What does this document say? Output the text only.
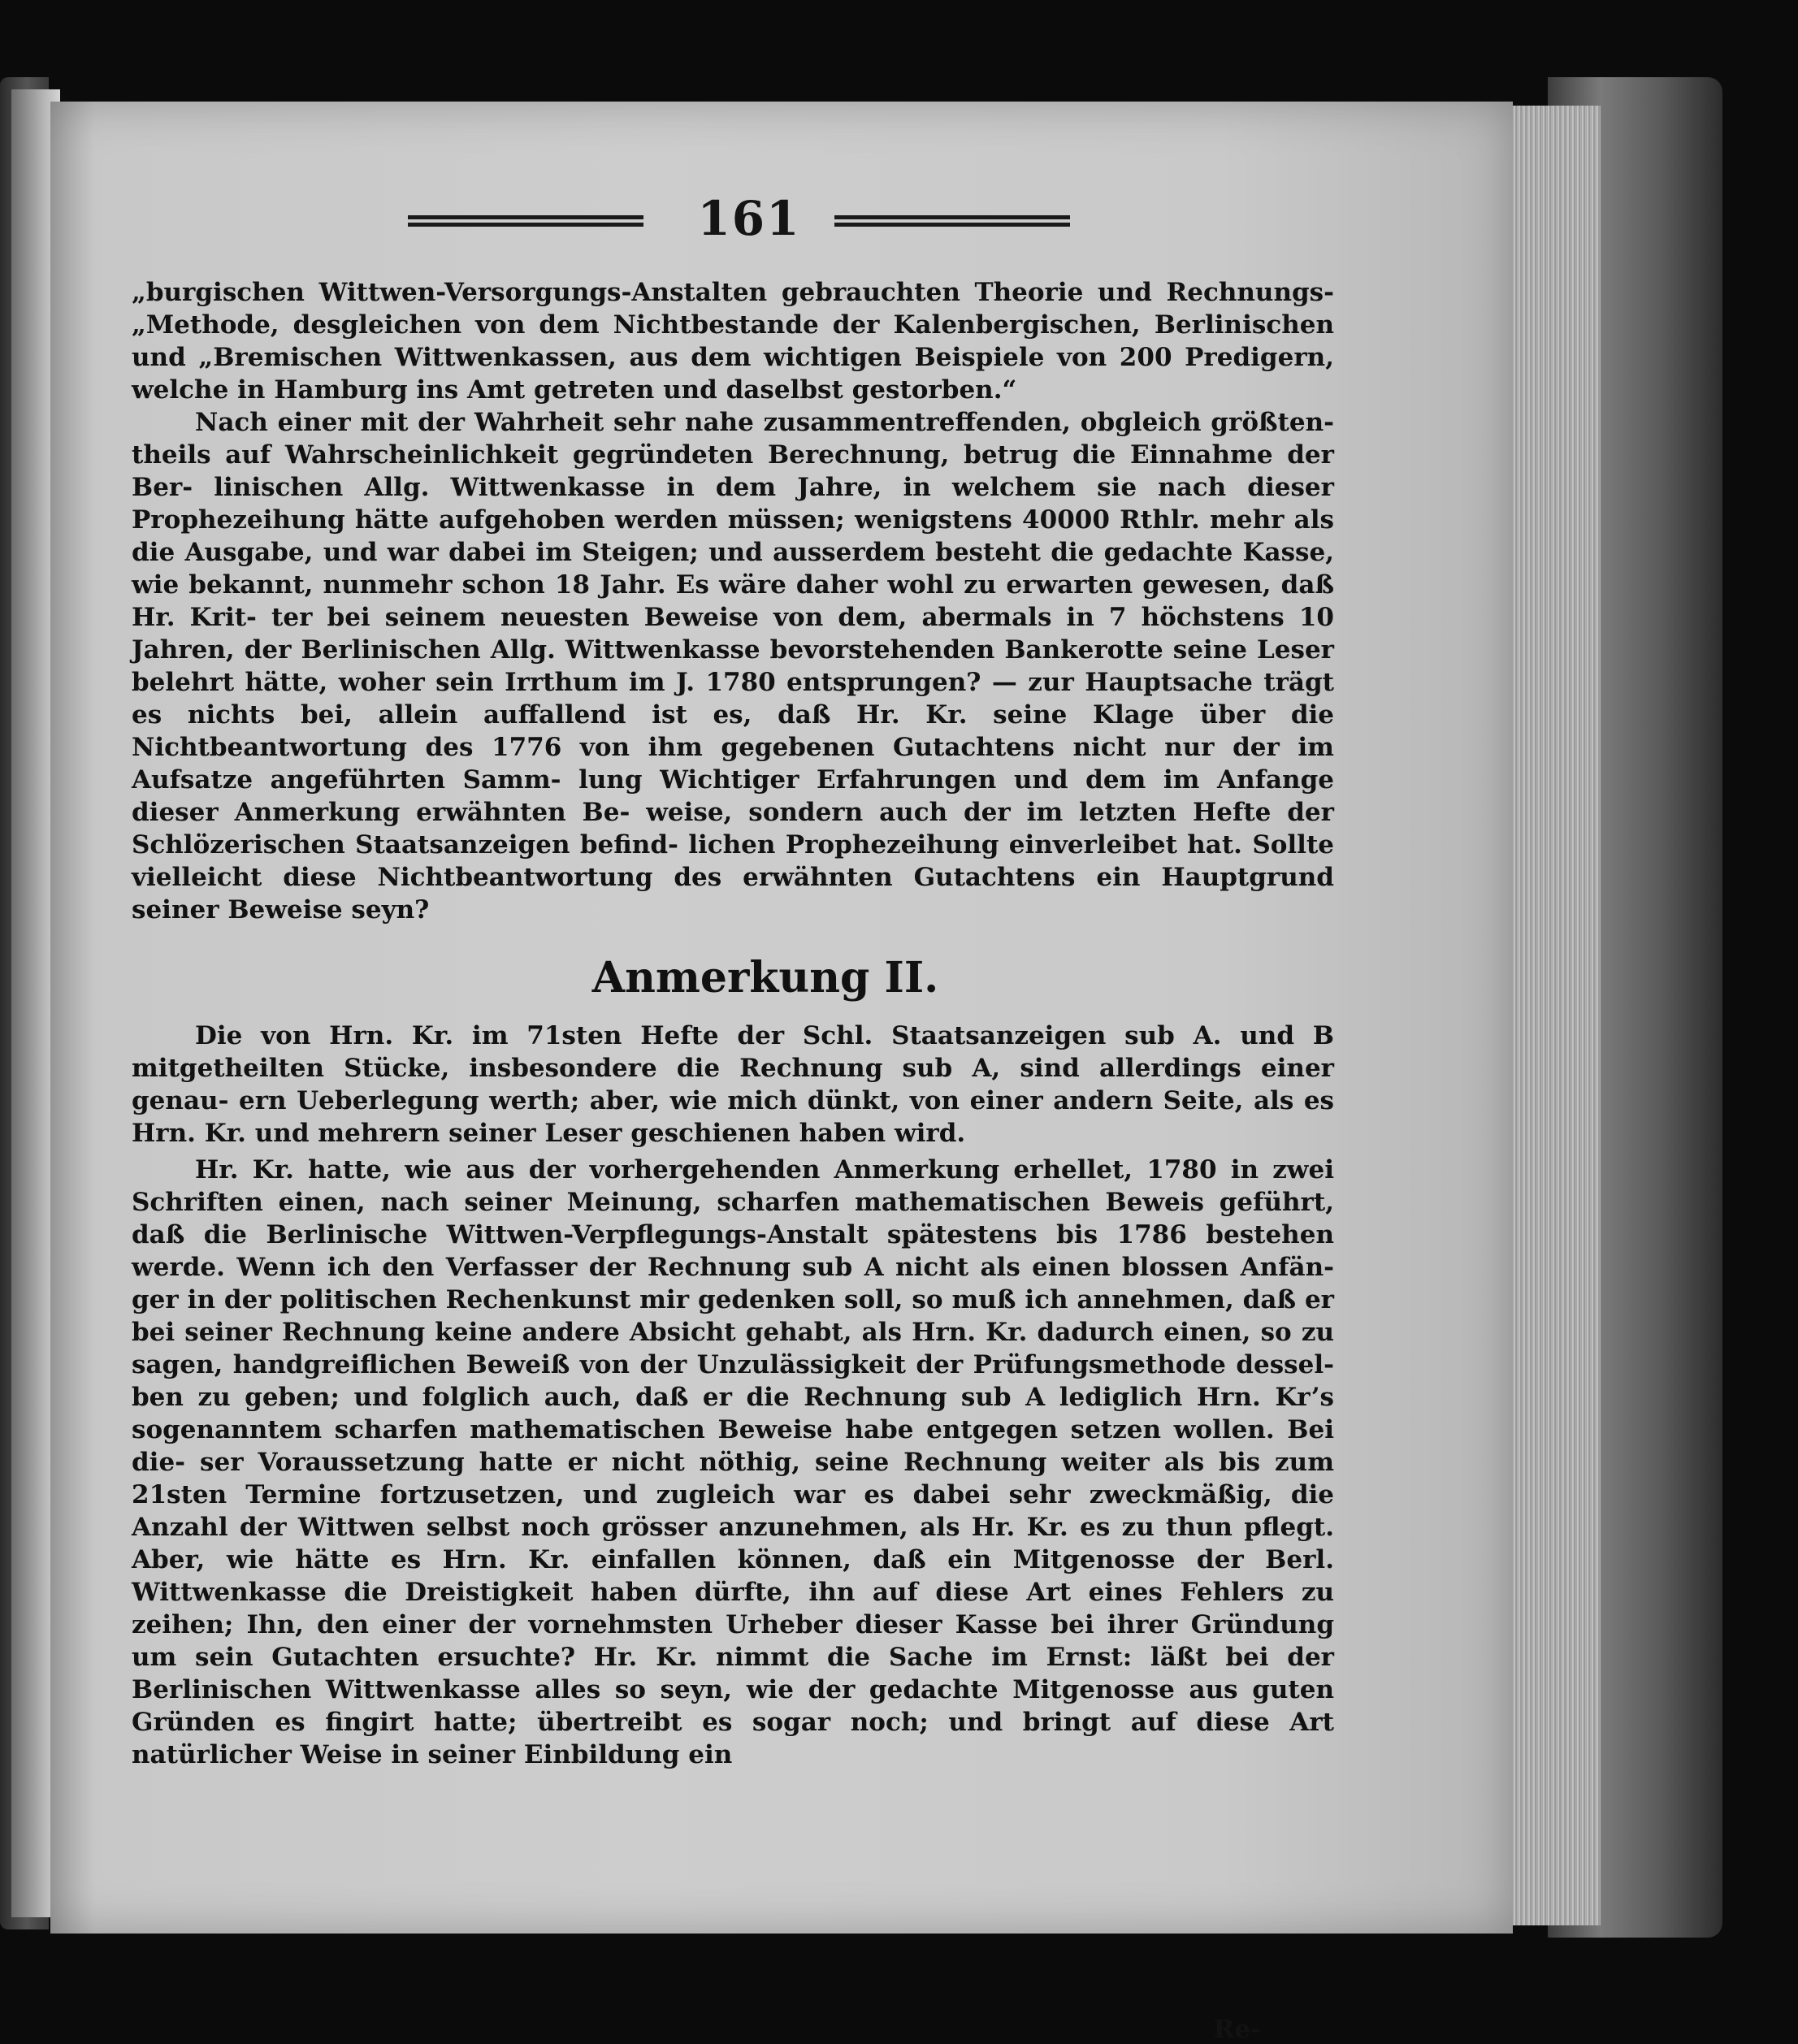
161

„burgischen Wittwen-Versorgungs-Anstalten gebrauchten Theorie und Rechnungs- „Methode, desgleichen von dem Nichtbestande der Kalenbergischen, Berlinischen und „Bremischen Wittwenkassen, aus dem wichtigen Beispiele von 200 Predigern, welche in Hamburg ins Amt getreten und daselbst gestorben.“

Nach einer mit der Wahrheit sehr nahe zusammentreffenden, obgleich größten- theils auf Wahrscheinlichkeit gegründeten Berechnung, betrug die Einnahme der Ber- linischen Allg. Wittwenkasse in dem Jahre, in welchem sie nach dieser Prophezeihung hätte aufgehoben werden müssen; wenigstens 40000 Rthlr. mehr als die Ausgabe, und war dabei im Steigen; und ausserdem besteht die gedachte Kasse, wie bekannt, nunmehr schon 18 Jahr. Es wäre daher wohl zu erwarten gewesen, daß Hr. Krit- ter bei seinem neuesten Beweise von dem, abermals in 7 höchstens 10 Jahren, der Berlinischen Allg. Wittwenkasse bevorstehenden Bankerotte seine Leser belehrt hätte, woher sein Irrthum im J. 1780 entsprungen? — zur Hauptsache trägt es nichts bei, allein auffallend ist es, daß Hr. Kr. seine Klage über die Nichtbeantwortung des 1776 von ihm gegebenen Gutachtens nicht nur der im Aufsatze angeführten Samm- lung Wichtiger Erfahrungen und dem im Anfange dieser Anmerkung erwähnten Be- weise, sondern auch der im letzten Hefte der Schlözerischen Staatsanzeigen befind- lichen Prophezeihung einverleibet hat. Sollte vielleicht diese Nichtbeantwortung des erwähnten Gutachtens ein Hauptgrund seiner Beweise seyn?

Anmerkung II.

Die von Hrn. Kr. im 71sten Hefte der Schl. Staatsanzeigen sub A. und B mitgetheilten Stücke, insbesondere die Rechnung sub A, sind allerdings einer genau- ern Ueberlegung werth; aber, wie mich dünkt, von einer andern Seite, als es Hrn. Kr. und mehrern seiner Leser geschienen haben wird.

Hr. Kr. hatte, wie aus der vorhergehenden Anmerkung erhellet, 1780 in zwei Schriften einen, nach seiner Meinung, scharfen mathematischen Beweis geführt, daß die Berlinische Wittwen-Verpflegungs-Anstalt spätestens bis 1786 bestehen werde. Wenn ich den Verfasser der Rechnung sub A nicht als einen blossen Anfän- ger in der politischen Rechenkunst mir gedenken soll, so muß ich annehmen, daß er bei seiner Rechnung keine andere Absicht gehabt, als Hrn. Kr. dadurch einen, so zu sagen, handgreiflichen Beweiß von der Unzulässigkeit der Prüfungsmethode dessel- ben zu geben; und folglich auch, daß er die Rechnung sub A lediglich Hrn. Kr’s sogenanntem scharfen mathematischen Beweise habe entgegen setzen wollen. Bei die- ser Voraussetzung hatte er nicht nöthig, seine Rechnung weiter als bis zum 21sten Termine fortzusetzen, und zugleich war es dabei sehr zweckmäßig, die Anzahl der Wittwen selbst noch grösser anzunehmen, als Hr. Kr. es zu thun pflegt. Aber, wie hätte es Hrn. Kr. einfallen können, daß ein Mitgenosse der Berl. Wittwenkasse die Dreistigkeit haben dürfte, ihn auf diese Art eines Fehlers zu zeihen; Ihn, den einer der vornehmsten Urheber dieser Kasse bei ihrer Gründung um sein Gutachten ersuchte? Hr. Kr. nimmt die Sache im Ernst: läßt bei der Berlinischen Wittwenkasse alles so seyn, wie der gedachte Mitgenosse aus guten Gründen es fingirt hatte; übertreibt es sogar noch; und bringt auf diese Art natürlicher Weise in seiner Einbildung ein

Re-
